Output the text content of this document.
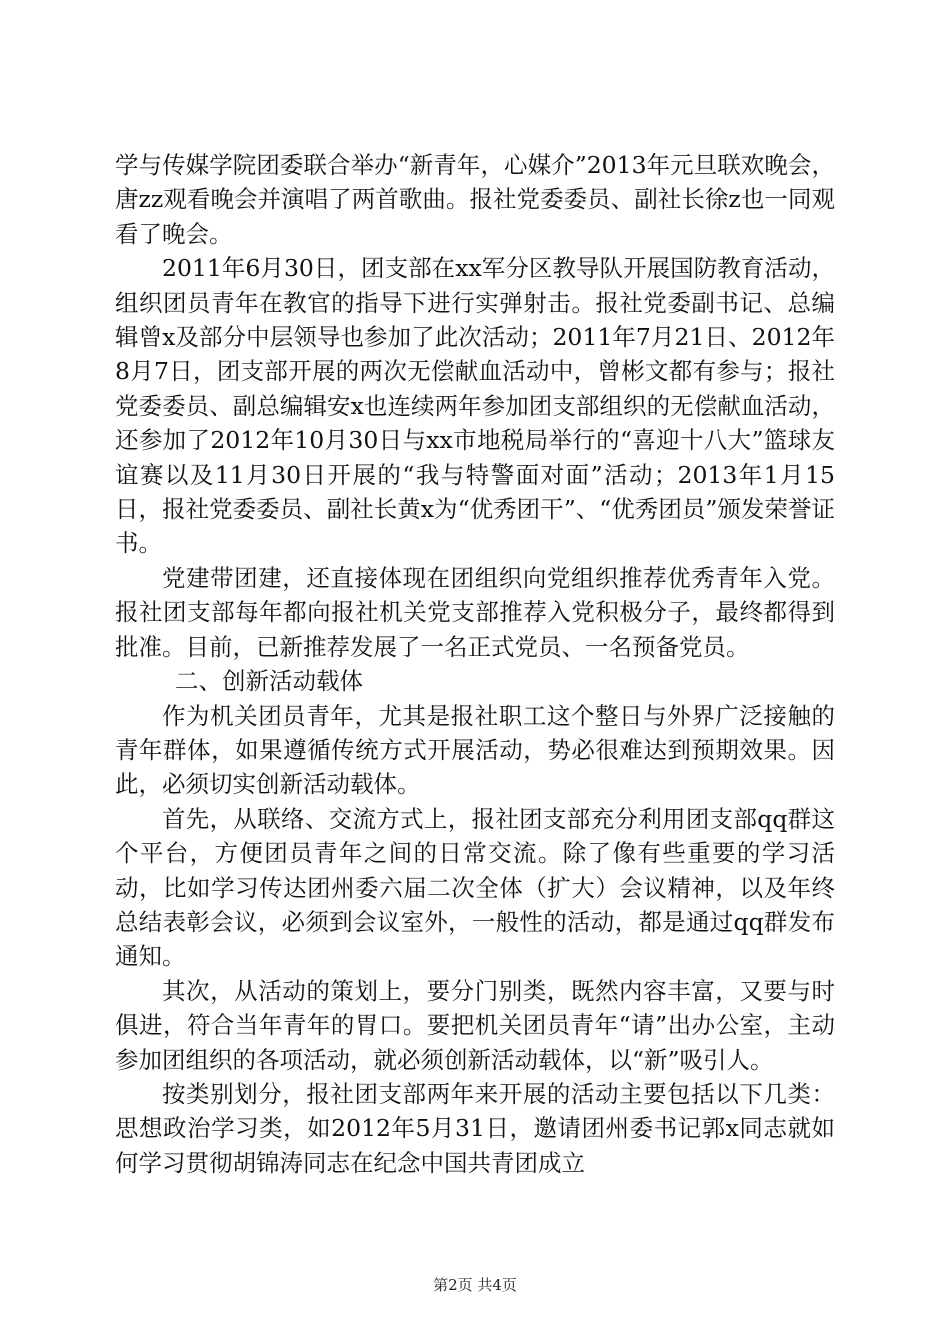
学与传媒学院团委联合举办“新青年，心媒介”2013年元旦联欢晚会，唐zz观看晚会并演唱了两首歌曲。报社党委委员、副社长徐z也一同观看了晚会。

2011年6月30日，团支部在xx军分区教导队开展国防教育活动，组织团员青年在教官的指导下进行实弹射击。报社党委副书记、总编辑曾x及部分中层领导也参加了此次活动；2011年7月21日、2012年8月7日，团支部开展的两次无偿献血活动中，曾彬文都有参与；报社党委委员、副总编辑安x也连续两年参加团支部组织的无偿献血活动，还参加了2012年10月30日与xx市地税局举行的“喜迎十八大”篮球友谊赛以及11月30日开展的“我与特警面对面”活动；2013年1月15日，报社党委委员、副社长黄x为“优秀团干”、“优秀团员”颁发荣誉证书。

党建带团建，还直接体现在团组织向党组织推荐优秀青年入党。报社团支部每年都向报社机关党支部推荐入党积极分子，最终都得到批准。目前，已新推荐发展了一名正式党员、一名预备党员。

二、创新活动载体

作为机关团员青年，尤其是报社职工这个整日与外界广泛接触的青年群体，如果遵循传统方式开展活动，势必很难达到预期效果。因此，必须切实创新活动载体。

首先，从联络、交流方式上，报社团支部充分利用团支部qq群这个平台，方便团员青年之间的日常交流。除了像有些重要的学习活动，比如学习传达团州委六届二次全体（扩大）会议精神，以及年终总结表彰会议，必须到会议室外，一般性的活动，都是通过qq群发布通知。

其次，从活动的策划上，要分门别类，既然内容丰富，又要与时俱进，符合当年青年的胃口。要把机关团员青年“请”出办公室，主动参加团组织的各项活动，就必须创新活动载体，以“新”吸引人。

按类别划分，报社团支部两年来开展的活动主要包括以下几类：思想政治学习类，如2012年5月31日，邀请团州委书记郭x同志就如何学习贯彻胡锦涛同志在纪念中国共青团成立

第2页 共4页
